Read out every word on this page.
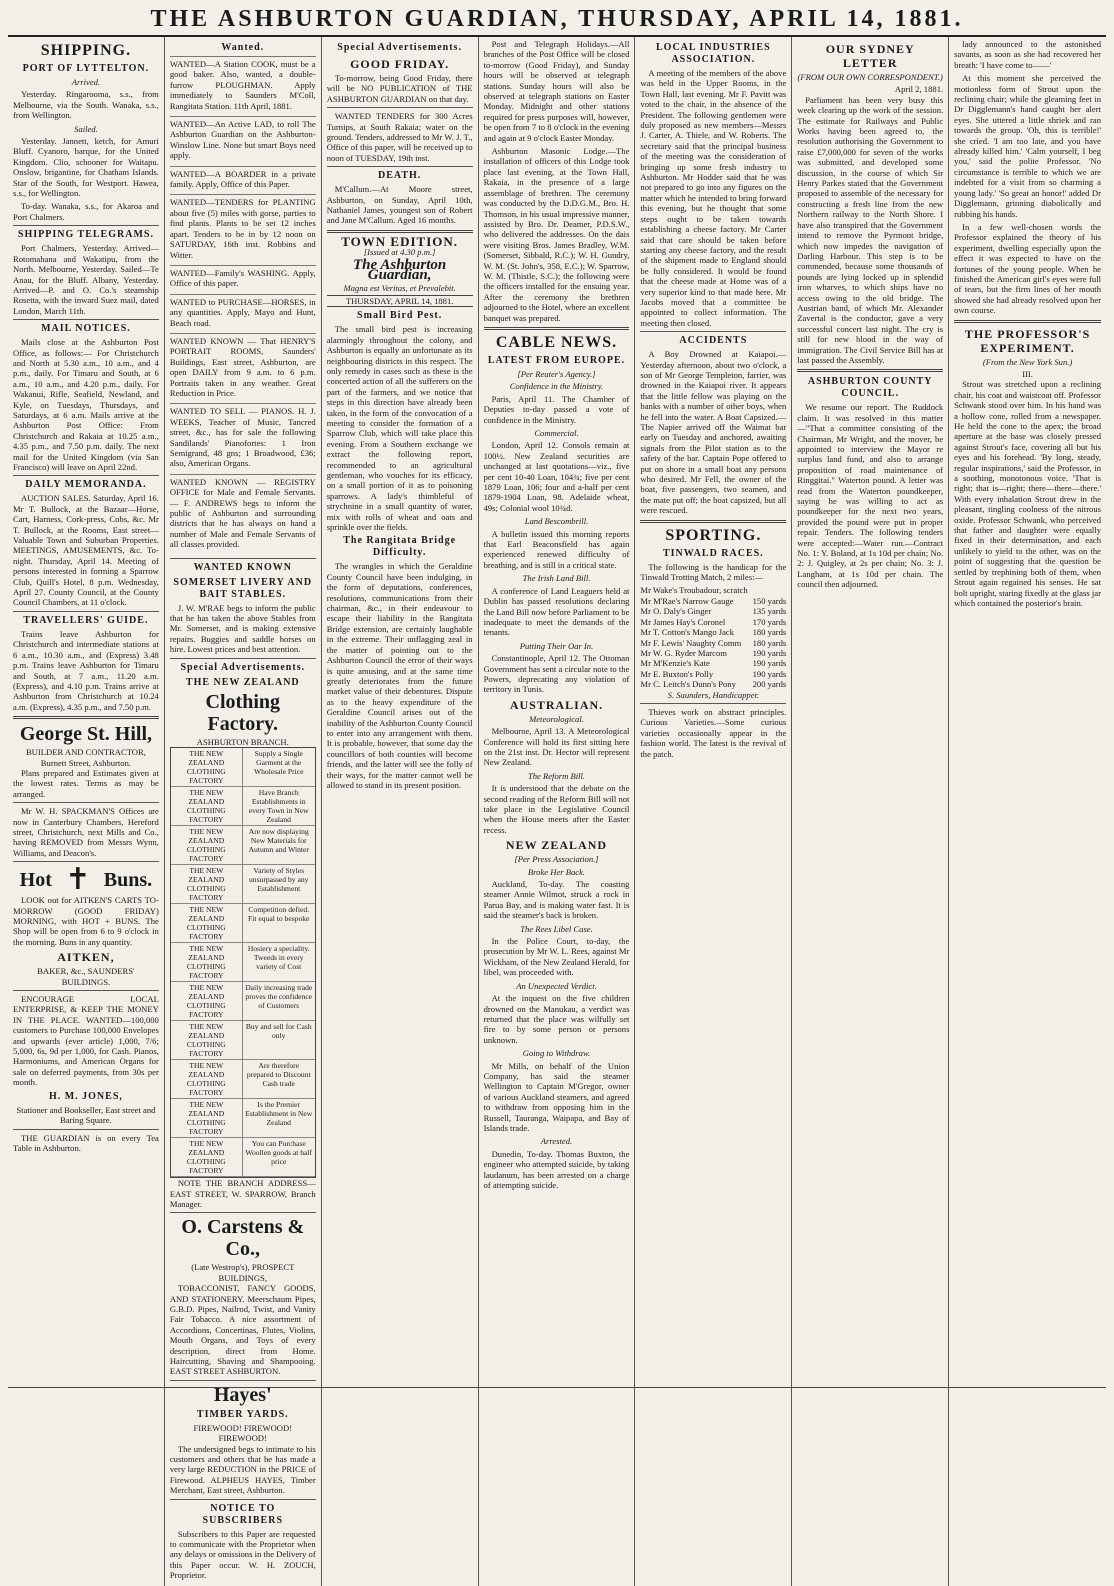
THE ASHBURTON GUARDIAN, THURSDAY, APRIL 14, 1881.
SHIPPING.
PORT OF LYTTELTON.
Arrived.

Yesterday. Ringarooma, s.s., from Melbourne, via the South. Wanaka, s.s., from Wellington.

Sailed.

Yesterday. Jannett, ketch, for Amuri Bluff. Cyanoro, barque, for the United Kingdom. Clio, schooner for Waitapu. Onslow, brigantine, for Chatham Islands. Star of the South, for Westport. Hawea, s.s., for Wellington.

To-day. Wanaka, s.s., for Akaroa and Port Chalmers.

SHIPPING TELEGRAMS.

Port Chalmers, Yesterday. Arrived—Rotomahana and Wakatipu, from the North. Melbourne, Yesterday. Sailed—Te Anau, for the Bluff. Albany, Yesterday. Arrived—P. and O. Co.'s steamship Rosetta, with the inward Suez mail, dated London, March 11th.

MAIL NOTICES.

Mails close at the Ashburton Post Office, as follows:— For Christchurch and North at 5.30 a.m., 10 a.m., and 4 p.m., daily. For Timaru and South, at 6 a.m., 10 a.m., and 4.20 p.m., daily. For Wakanui, Rifle, Seafield, Newland, and Kyle, on Tuesdays, Thursdays, and Saturdays, at 6 a.m. Mails arrive at the Ashburton Post Office: From Christchurch and Rakaia at 10.25 a.m., 4.35 p.m., and 7.50 p.m. daily. The next mail for the United Kingdom (via San Francisco) will leave on April 22nd.

DAILY MEMORANDA.

AUCTION SALES. Saturday, April 16. Mr T. Bullock, at the Bazaar—Horse, Cart, Harness, Cork-press, Cobs, &c. Mr T. Bullock, at the Rooms, East street—Valuable Town and Suburban Properties. MEETINGS, AMUSEMENTS, &c. To-night. Thursday, April 14. Meeting of persons interested in forming a Sparrow Club, Quill's Hotel, 8 p.m. Wednesday, April 27. County Council, at the County Council Chambers, at 11 o'clock.

TRAVELLERS' GUIDE.

Trains leave Ashburton for Christchurch and intermediate stations at 6 a.m., 10.30 a.m., and (Express) 3.48 p.m. Trains leave Ashburton for Timaru and South, at 7 a.m., 11.20 a.m. (Express), and 4.10 p.m. Trains arrive at Ashburton from Christchurch at 10.24 a.m. (Express), 4.35 p.m., and 7.50 p.m.

George St. Hill,
BUILDER AND CONTRACTOR,
Burnett Street, Ashburton.

Plans prepared and Estimates given at the lowest rates. Terms as may be arranged.

Mr W. H. SPACKMAN'S Offices are now in Canterbury Chambers, Hereford street, Christchurch, next Mills and Co., having REMOVED from Messrs Wynn, Williams, and Deacon's.

Hot ✝ Buns.

LOOK out for AITKEN'S CARTS TO-MORROW (GOOD FRIDAY) MORNING, with HOT + BUNS. The Shop will be open from 6 to 9 o'clock in the morning. Buns in any quantity.

AITKEN,
BAKER, &c., SAUNDERS' BUILDINGS.

ENCOURAGE LOCAL ENTERPRISE, & KEEP THE MONEY IN THE PLACE. WANTED—100,000 customers to Purchase 100,000 Envelopes and upwards (ever article) 1,000, 7/6; 5,000, 6s, 9d per 1,000, for Cash. Pianos, Harmoniums, and American Organs for sale on deferred payments, from 30s per month.

H. M. JONES,
Stationer and Bookseller, East street and Baring Square.

THE GUARDIAN is on every Tea Table in Ashburton.

Wanted.

WANTED—A Station COOK, must be a good baker. Also, wanted, a double-furrow PLOUGHMAN. Apply immediately to Saunders M'Coll, Rangitata Station. 11th April, 1881.

WANTED—An Active LAD, to roll The Ashburton Guardian on the Ashburton-Winslow Line. None but smart Boys need apply.

WANTED—A BOARDER in a private family. Apply, Office of this Paper.

WANTED—TENDERS for PLANTING about five (5) miles with gorse, parties to find plants. Plants to be set 12 inches apart. Tenders to be in by 12 noon on SATURDAY, 16th inst. Robbins and Witter.

WANTED—Family's WASHING. Apply, Office of this paper.

WANTED to PURCHASE—HORSES, in any quantities. Apply, Mayo and Hunt, Beach road.

WANTED KNOWN — That HENRY'S PORTRAIT ROOMS, Saunders' Buildings, East street, Ashburton, are open DAILY from 9 a.m. to 6 p.m. Portraits taken in any weather. Great Reduction in Price.

WANTED TO SELL — PIANOS. H. J. WEEKS, Teacher of Music, Tancred street, &c., has for sale the following Sandilands' Pianofortes: 1 Iron Semigrand, 48 gns; 1 Broadwood, £36; also, American Organs.

WANTED KNOWN — REGISTRY OFFICE for Male and Female Servants. — F. ANDREWS begs to inform the public of Ashburton and surrounding districts that he has always on hand a number of Male and Female Servants of all classes provided.

WANTED KNOWN
SOMERSET LIVERY AND BAIT STABLES.

J. W. M'RAE begs to inform the public that he has taken the above Stables from Mr. Somerset, and is making extensive repairs. Buggies and saddle horses on hire. Lowest prices and best attention.

Special Advertisements.
THE NEW ZEALAND
Clothing Factory.
ASHBURTON BRANCH.
THE NEW ZEALAND CLOTHING FACTORY
Supply a Single Garment at the Wholesale Price
THE NEW ZEALAND CLOTHING FACTORY
Have Branch Establishments in every Town in New Zealand
THE NEW ZEALAND CLOTHING FACTORY
Are now displaying New Materials for Autumn and Winter
THE NEW ZEALAND CLOTHING FACTORY
Variety of Styles unsurpassed by any Establishment
THE NEW ZEALAND CLOTHING FACTORY
Competition defied. Fit equal to bespoke
THE NEW ZEALAND CLOTHING FACTORY
Hosiery a speciality. Tweeds in every variety of Cost
THE NEW ZEALAND CLOTHING FACTORY
Daily increasing trade proves the confidence of Customers
THE NEW ZEALAND CLOTHING FACTORY
Buy and sell for Cash only
THE NEW ZEALAND CLOTHING FACTORY
Are therefore prepared to Discount Cash trade
THE NEW ZEALAND CLOTHING FACTORY
Is the Premier Establishment in New Zealand
THE NEW ZEALAND CLOTHING FACTORY
You can Purchase Woollen goods at half price

NOTE THE BRANCH ADDRESS— EAST STREET, W. SPARROW, Branch Manager.

O. Carstens & Co.,
(Late Westrop's), PROSPECT BUILDINGS,

TOBACCONIST, FANCY GOODS, AND STATIONERY. Meerschaum Pipes, G.B.D. Pipes, Nailrod, Twist, and Vanity Fair Tobacco. A nice assortment of Accordions, Concertinas, Flutes, Violins, Mouth Organs, and Toys of every description, direct from Home. Haircutting, Shaving and Shampooing. EAST STREET ASHBURTON.

Hayes'
TIMBER YARDS.
FIREWOOD! FIREWOOD! FIREWOOD!

The undersigned begs to intimate to his customers and others that he has made a very large REDUCTION in the PRICE of Firewood. ALPHEUS HAYES, Timber Merchant, East street, Ashburton.

NOTICE TO SUBSCRIBERS

Subscribers to this Paper are requested to communicate with the Proprietor when any delays or omissions in the Delivery of this Paper occur. W. H. ZOUCH, Proprietor.

Special Advertisements.
GOOD FRIDAY.

To-morrow, being Good Friday, there will be NO PUBLICATION of THE ASHBURTON GUARDIAN on that day.

WANTED TENDERS for 300 Acres Turnips, at South Rakaia; water on the ground. Tenders, addressed to Mr W. J. T., Office of this paper, will be received up to noon of TUESDAY, 19th inst.

DEATH.

M'Callum.—At Moore street, Ashburton, on Sunday, April 10th, Nathaniel James, youngest son of Robert and Jane M'Callum. Aged 16 months.

TOWN EDITION.
[Issued at 4.30 p.m.]
The Ashburton Guardian,
Magna est Veritas, et Prevalebit.
THURSDAY, APRIL 14, 1881.
Small Bird Pest.

The small bird pest is increasing alarmingly throughout the colony, and Ashburton is equally an unfortunate as its neighbouring districts in this respect. The only remedy in cases such as these is the concerted action of all the sufferers on the part of the farmers, and we notice that steps in this direction have already been taken, in the form of the convocation of a meeting to consider the formation of a Sparrow Club, which will take place this evening. From a Southern exchange we extract the following report, recommended to an agricultural gentleman, who vouches for its efficacy, on a small portion of it as to poisoning sparrows. A lady's thimbleful of strychnine in a small quantity of water, mix with rolls of wheat and oats and sprinkle over the fields.

The Rangitata Bridge Difficulty.

The wrangles in which the Geraldine County Council have been indulging, in the form of deputations, conferences, resolutions, communications from their chairman, &c., in their endeavour to escape their liability in the Rangitata Bridge extension, are certainly laughable in the extreme. Their unflagging zeal in the matter of pointing out to the Ashburton Council the error of their ways is quite amusing, and at the same time greatly deteriorates from the future market value of their debentures. Dispute as to the heavy expenditure of the Geraldine Council arises out of the inability of the Ashburton County Council to enter into any arrangement with them. It is probable, however, that some day the councillors of both counties will become friends, and the latter will see the folly of their ways, for the matter cannot well be allowed to stand in its present position.

Post and Telegraph Holidays.—All branches of the Post Office will be closed to-morrow (Good Friday), and Sunday hours will be observed at telegraph stations. Sunday hours will also be observed at telegraph stations on Easter Monday. Midnight and other stations required for press purposes will, however, be open from 7 to 8 o'clock in the evening and again at 9 o'clock Easter Monday.

Ashburton Masonic Lodge.—The installation of officers of this Lodge took place last evening, at the Town Hall, Rakaia, in the presence of a large assemblage of brethren. The ceremony was conducted by the D.D.G.M., Bro. H. Thomson, in his usual impressive manner, assisted by Bro. Dr. Deamer, P.D.S.W., who delivered the addresses. On the dais were visiting Bros. James Bradley, W.M. (Somerset, Sibbald, R.C.); W. H. Gundry, W. M. (St. John's, 358, E.C.); W. Sparrow, W. M. (Thistle, S.C.); the following were the officers installed for the ensuing year. After the ceremony the brethren adjourned to the Hotel, where an excellent banquet was prepared.

CABLE NEWS.
LATEST FROM EUROPE.
[Per Reuter's Agency.]
Confidence in the Ministry.

Paris, April 11. The Chamber of Deputies to-day passed a vote of confidence in the Ministry.

Commercial.

London, April 12. Consols remain at 100½. New Zealand securities are unchanged at last quotations—viz., five per cent 10-40 Loan, 104¾; five per cent 1879 Loan, 106; four and a-half per cent 1879-1904 Loan, 98. Adelaide wheat, 49s; Colonial wool 10¾d.

Land Bescombrill.

A bulletin issued this morning reports that Earl Beaconsfield has again experienced renewed difficulty of breathing, and is still in a critical state.

The Irish Land Bill.

A conference of Land Leaguers held at Dublin has passed resolutions declaring the Land Bill now before Parliament to be inadequate to meet the demands of the tenants.

Putting Their Oar In.

Constantinople, April 12. The Ottoman Government has sent a circular note to the Powers, deprecating any violation of territory in Tunis.

AUSTRALIAN.
Meteorological.

Melbourne, April 13. A Meteorological Conference will hold its first sitting here on the 21st inst. Dr. Hector will represent New Zealand.

The Reform Bill.

It is understood that the debate on the second reading of the Reform Bill will not take place in the Legislative Council when the House meets after the Easter recess.

NEW ZEALAND
[Per Press Association.]
Broke Her Back.

Auckland, To-day. The coasting steamer Annie Wilmot, struck a rock in Parua Bay, and is making water fast. It is said the steamer's back is broken.

The Rees Libel Case.

In the Police Court, to-day, the prosecution by Mr W. L. Rees, against Mr Wickham, of the New Zealand Herald, for libel, was proceeded with.

An Unexpected Verdict.

At the inquest on the five children drowned on the Manukau, a verdict was returned that the place was wilfully set fire to by some person or persons unknown.

Going to Withdraw.

Mr Mills, on behalf of the Union Company, has said the steamer Wellington to Captain M'Gregor, owner of various Auckland steamers, and agreed to withdraw from opposing him in the Russell, Tauranga, Waipapa, and Bay of Islands trade.

Arrested.

Dunedin, To-day. Thomas Buxton, the engineer who attempted suicide, by taking laudanum, has been arrested on a charge of attempting suicide.

LOCAL INDUSTRIES ASSOCIATION.

A meeting of the members of the above was held in the Upper Rooms, in the Town Hall, last evening. Mr F. Pavitt was voted to the chair, in the absence of the President. The following gentlemen were duly proposed as new members—Messrs J. Carter, A. Thiele, and W. Roberts. The secretary said that the principal business of the meeting was the consideration of bringing up some fresh industry to Ashburton. Mr Hodder said that he was not prepared to go into any figures on the matter which he intended to bring forward this evening, but he thought that some steps ought to be taken towards establishing a cheese factory. Mr Carter said that care should be taken before starting any cheese factory, and the result of the shipment made to England should be fully considered. It would be found that the cheese made at Home was of a very superior kind to that made here. Mr Jacobs moved that a committee be appointed to collect information. The meeting then closed.

ACCIDENTS

A Boy Drowned at Kaiapoi.—Yesterday afternoon, about two o'clock, a son of Mr George Templeton, farrier, was drowned in the Kaiapoi river. It appears that the little fellow was playing on the banks with a number of other boys, when he fell into the water. A Boat Capsized.—The Napier arrived off the Waimat bar early on Tuesday and anchored, awaiting signals from the Pilot station as to the safety of the bar. Captain Pope offered to put on shore in a small boat any persons who desired. Mr Fell, the owner of the boat, five passengers, two seamen, and the mate put off; the boat capsized, but all were rescued.

SPORTING.
TINWALD RACES.

The following is the handicap for the Tinwald Trotting Match, 2 miles:—

Mr Wake's Troubadour, scratch
Mr M'Rae's Narrow Gauge 150 yards
Mr O. Daly's Ginger	135 yards
Mr James Hay's Coronel	170 yards
Mr T. Cotton's Mango Jack 180 yards
Mr F. Lewis' Naughty Comm 180 yards
Mr W. G. Ryder Marcom	190 yards
Mr M'Kenzie's Kate	190 yards
Mr E. Buxton's Polly	190 yards
Mr C. Leitch's Dunn's Pony 200 yards
S. Saunders, Handicapper.

Thieves work on abstract principles. Curious Varieties.—Some curious varieties occasionally appear in the fashion world. The latest is the revival of the patch.

OUR SYDNEY LETTER
(FROM OUR OWN CORRESPONDENT.)
April 2, 1881.

Parliament has been very busy this week clearing up the work of the session. The estimate for Railways and Public Works having been agreed to, the resolution authorising the Government to raise £7,000,000 for seven of the works was submitted, and developed some discussion, in the course of which Sir Henry Parkes stated that the Government proposed to assemble of the necessary for constructing a fresh line from the new Northern railway to the North Shore. I have also transpired that the Government intend to remove the Pyrmont bridge, which now impedes the navigation of Darling Harbour. This step is to be commended, because some thousands of pounds are lying locked up in splendid iron wharves, to which ships have no access owing to the old bridge. The Austrian band, of which Mr. Alexander Zavertal is the conductor, gave a very successful concert last night. The cry is still for new blood in the way of immigration. The Civil Service Bill has at last passed the Assembly.

ASHBURTON COUNTY COUNCIL.

We resume our report. The Ruddock claim. It was resolved in this matter—"That a committee consisting of the Chairman, Mr Wright, and the mover, be appointed to interview the Mayor re surplus land fund, and also to arrange proposition of road maintenance of Ringgitai." Waterton pound. A letter was read from the Waterton poundkeeper, saying he was willing to act as poundkeeper for the next two years, provided the pound were put in proper repair. Tenders. The following tenders were accepted:—Water run.—Contract No. 1: Y. Boland, at 1s 10d per chain; No. 2: J. Quigley, at 2s per chain; No. 3: J. Langham, at 1s 10d per chain. The council then adjourned.

lady announced to the astonished savants, as soon as she had recovered her breath: 'I have come to——'

At this moment she perceived the motionless form of Strout upon the reclining chair; while the gleaming feet in Dr Digglemann's hand caught her alert eyes. She uttered a little shriek and ran towards the group. 'Oh, this is terrible!' she cried. 'I am too late, and you have already killed him.' 'Calm yourself, I beg you,' said the polite Professor. 'No circumstance is terrible to which we are indebted for a visit from so charming a young lady.' 'So great an honor!' added Dr Digglemann, grinning diabolically and rubbing his hands.

In a few well-chosen words the Professor explained the theory of his experiment, dwelling especially upon the effect it was expected to have on the fortunes of the young people. When he finished the American girl's eyes were full of tears, but the firm lines of her mouth showed she had already resolved upon her own course.

THE PROFESSOR'S EXPERIMENT.
(From the New York Sun.)
III.

Strout was stretched upon a reclining chair, his coat and waistcoat off. Professor Schwank stood over him. In his hand was a hollow cone, rolled from a newspaper. He held the cone to the apex; the broad aperture at the base was closely pressed against Strout's face, covering all but his eyes and his forehead. 'By long, steady, regular inspirations,' said the Professor, in a soothing, monotonous voice. 'That is right; that is—right; there—there—there.' With every inhalation Strout drew in the pleasant, tingling coolness of the nitrous oxide. Professor Schwank, who perceived that father and daughter were equally fixed in their determination, and each unlikely to yield to the other, was on the point of suggesting that the question be settled by trephining both of them, when Strout again regained his senses. He sat bolt upright, staring fixedly at the glass jar which contained the posterior's brain.
